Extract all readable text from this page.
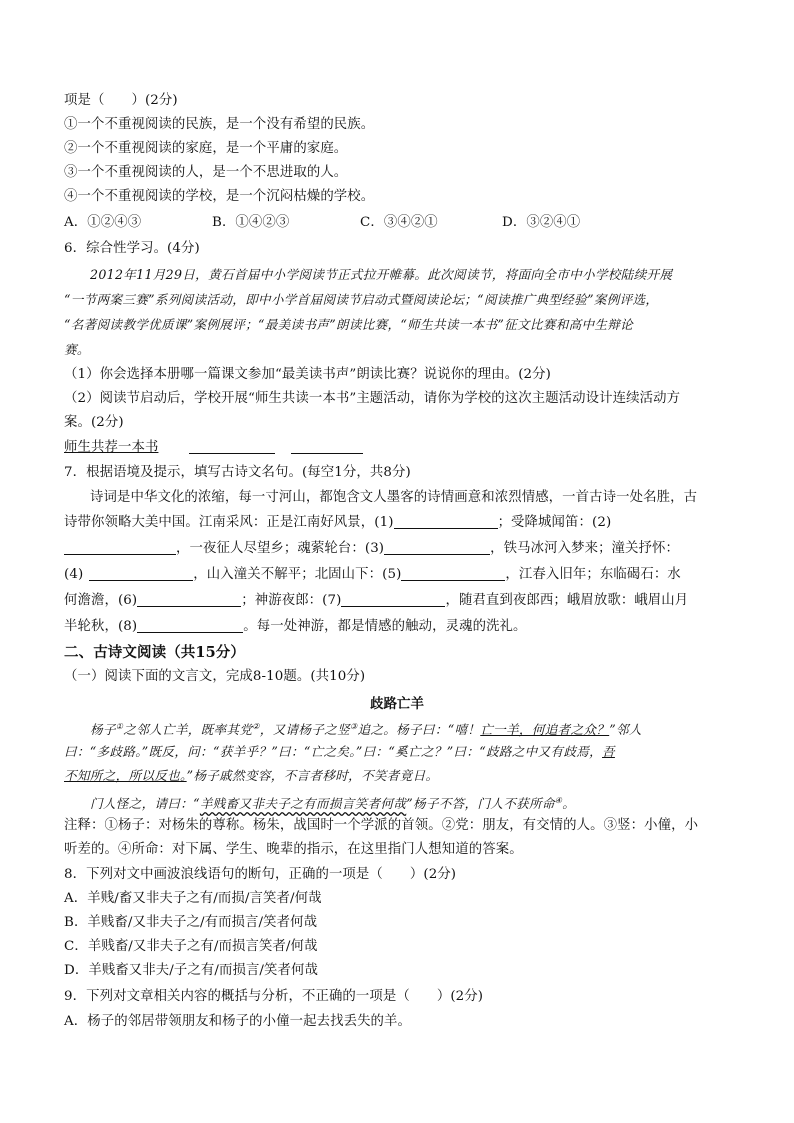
项是（　　）(2分)
①一个不重视阅读的民族，是一个没有希望的民族。
②一个不重视阅读的家庭，是一个平庸的家庭。
③一个不重视阅读的人，是一个不思进取的人。
④一个不重视阅读的学校，是一个沉闷枯燥的学校。
A．①②④③	B．①④②③	C．③④②①	D．③②④①
6．综合性学习。(4分)
2012年11月29日，黄石首届中小学阅读节正式拉开帷幕。此次阅读节，将面向全市中小学校陆续开展
“一节两案三赛”系列阅读活动，即中小学首届阅读节启动式暨阅读论坛；“阅读推广典型经验”案例评选，
“名著阅读教学优质课”案例展评；“最美读书声”朗读比赛，“师生共读一本书”征文比赛和高中生辩论
赛。
（1）你会选择本册哪一篇课文参加“最美读书声”朗读比赛？说说你的理由。(2分)
（2）阅读节启动后，学校开展“师生共读一本书”主题活动，请你为学校的这次主题活动设计连续活动方
案。(2分)
师生共荐一本书
7．根据语境及提示，填写古诗文名句。(每空1分，共8分)
诗词是中华文化的浓缩，每一寸河山，都饱含文人墨客的诗情画意和浓烈情感，一首古诗一处名胜，古
诗带你领略大美中国。江南采风：正是江南好风景，(1)	；受降城闻笛：(2)
，一夜征人尽望乡；魂萦轮台：(3)	，铁马冰河入梦来；潼关抒怀：
(4)	，山入潼关不解平；北固山下：(5)	，江春入旧年；东临碣石：水
何澹澹，(6)	；神游夜郎：(7)	，随君直到夜郎西；峨眉放歌：峨眉山月
半轮秋，(8)	。每一处神游，都是情感的触动，灵魂的洗礼。
二、古诗文阅读（共15分）
（一）阅读下面的文言文，完成8-10题。(共10分)
歧路亡羊
杨子①之邻人亡羊，既率其党②，又请杨子之竖③追之。杨子曰：“嘻！亡一羊，何追者之众？”邻人
曰：“多歧路。”既反，问：“获羊乎？”曰：“亡之矣。”曰：“奚亡之？”曰：“歧路之中又有歧焉，吾
不知所之，所以反也。”杨子戚然变容，不言者移时，不笑者竟日。
门人怪之，请曰：“羊贱畜又非夫子之有而损言笑者何哉”杨子不答，门人不获所命④。
注释：①杨子：对杨朱的尊称。杨朱，战国时一个学派的首领。②党：朋友，有交情的人。③竖：小僮，小
听差的。④所命：对下属、学生、晚辈的指示，在这里指门人想知道的答案。
8．下列对文中画波浪线语句的断句，正确的一项是（　　）(2分)
A．羊贱/畜又非夫子之有/而损/言笑者/何哉
B．羊贱畜/又非夫子之/有而损言/笑者何哉
C．羊贱畜/又非夫子之有/而损言笑者/何哉
D．羊贱畜又非夫/子之有/而损言/笑者何哉
9．下列对文章相关内容的概括与分析，不正确的一项是（　　）(2分)
A．杨子的邻居带领朋友和杨子的小僮一起去找丢失的羊。
